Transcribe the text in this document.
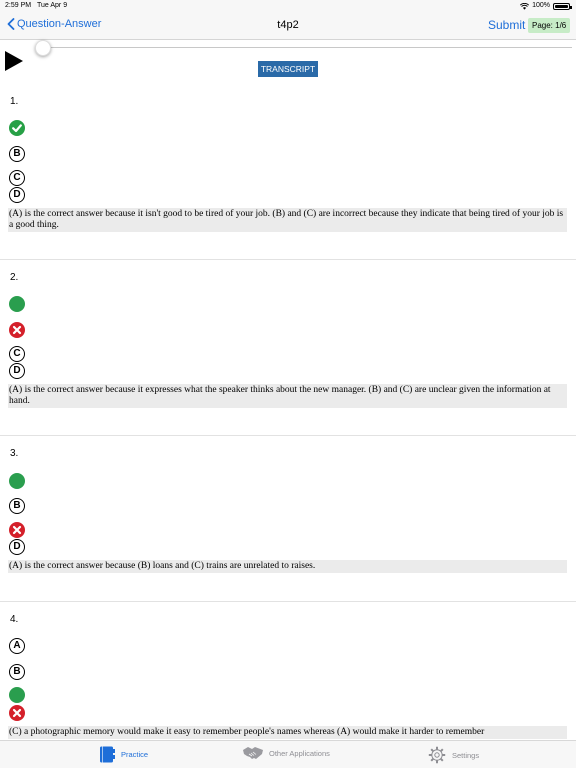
2:59 PM Tue Apr 9	100%
Question-Answer	t4p2	Submit Page: 1/6
TRANSCRIPT
1.
B
C
D
(A) is the correct answer because it isn't good to be tired of your job. (B) and (C) are incorrect because they indicate that being tired of your job is a good thing.
2.
C
D
(A) is the correct answer because it expresses what the speaker thinks about the new manager. (B) and (C) are unclear given the information at hand.
3.
B
D
(A) is the correct answer because (B) loans and (C) trains are unrelated to raises.
4.
A
B
(C) a photographic memory would make it easy to remember people's names whereas (A) would make it harder to remember
Practice	Other Applications	Settings
